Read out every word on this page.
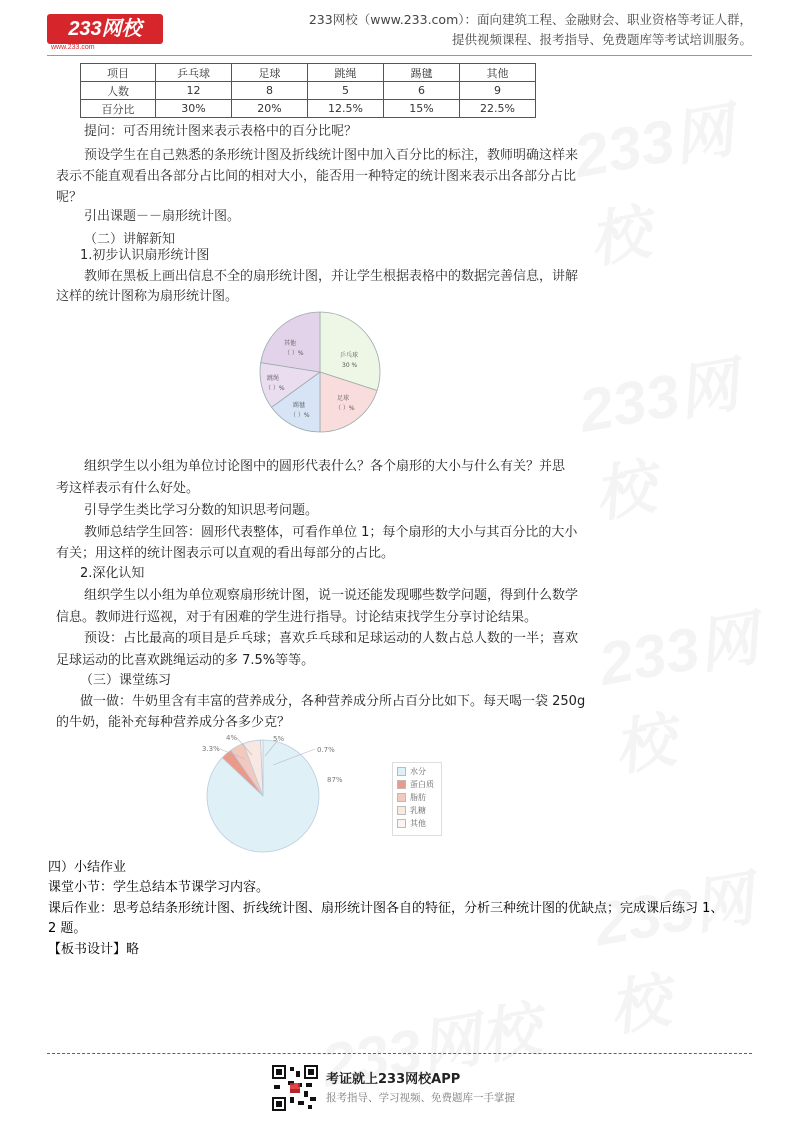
233网校
www.233.com
233网校（www.233.com）：面向建筑工程、金融财会、职业资格等考证人群，
提供视频课程、报考指导、免费题库等考试培训服务。
项目	乒乓球	足球	跳绳	踢毽	其他
人数	12	8	5	6	9
百分比	30%	20%	12.5%	15%	22.5%
提问：可否用统计图来表示表格中的百分比呢？
预设学生在自己熟悉的条形统计图及折线统计图中加入百分比的标注，教师明确这样来
表示不能直观看出各部分占比间的相对大小，能否用一种特定的统计图来表示出各部分占比
呢？
引出课题－－扇形统计图。
（二）讲解新知
1.初步认识扇形统计图
教师在黑板上画出信息不全的扇形统计图，并让学生根据表格中的数据完善信息，讲解
这样的统计图称为扇形统计图。
其他
（ ）%	乒乓球
30 %
足球
（ ）%
跳绳
（ ）%
踢毽
（ ）%
组织学生以小组为单位讨论图中的圆形代表什么？各个扇形的大小与什么有关？并思
考这样表示有什么好处。
引导学生类比学习分数的知识思考问题。
教师总结学生回答：圆形代表整体，可看作单位 1；每个扇形的大小与其百分比的大小
有关；用这样的统计图表示可以直观的看出每部分的占比。
2.深化认知
组织学生以小组为单位观察扇形统计图，说一说还能发现哪些数学问题，得到什么数学
信息。教师进行巡视，对于有困难的学生进行指导。讨论结束找学生分享讨论结果。
预设：占比最高的项目是乒乓球；喜欢乒乓球和足球运动的人数占总人数的一半；喜欢
足球运动的比喜欢跳绳运动的多 7.5%等等。
（三）课堂练习
做一做：牛奶里含有丰富的营养成分，各种营养成分所占百分比如下。每天喝一袋 250g
的牛奶，能补充每种营养成分各多少克？
4%	5%
3.3%	0.7%
87%
水分
蛋白质
脂肪
乳糖
其他
四）小结作业
课堂小节：学生总结本节课学习内容。
课后作业：思考总结条形统计图、折线统计图、扇形统计图各自的特征，分析三种统计图的优缺点；完成课后练习 1、
2 题。
【板书设计】略
考证就上233网校APP
报考指导、学习视频、免费题库一手掌握
